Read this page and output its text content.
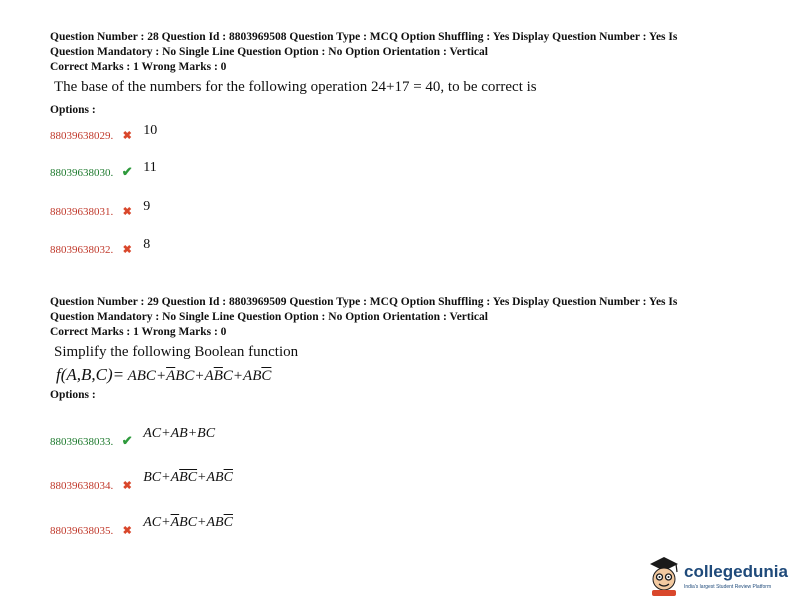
Question Number : 28 Question Id : 8803969508 Question Type : MCQ Option Shuffling : Yes Display Question Number : Yes Is

Question Mandatory : No Single Line Question Option : No Option Orientation : Vertical

Correct Marks : 1 Wrong Marks : 0

The base of the numbers for the following operation 24+17 = 40, to be correct is
Options :
88039638029. ✖ 10
88039638030. ✔ 11
88039638031. ✖ 9
88039638032. ✖ 8

Question Number : 29 Question Id : 8803969509 Question Type : MCQ Option Shuffling : Yes Display Question Number : Yes Is

Question Mandatory : No Single Line Question Option : No Option Orientation : Vertical

Correct Marks : 1 Wrong Marks : 0

Simplify the following Boolean function
$f(A,B,C)= ABC+\overline{A}BC+A\overline{B}C+AB\overline{C}$
Options :
88039638033. ✔ AC+AB+BC
88039638034. ✖ $BC+A\overline{BC}+AB\overline{C}$
88039638035. ✖ $AC+\overline{A}BC+AB\overline{C}$
collegedunia
India's largest Student Review Platform
